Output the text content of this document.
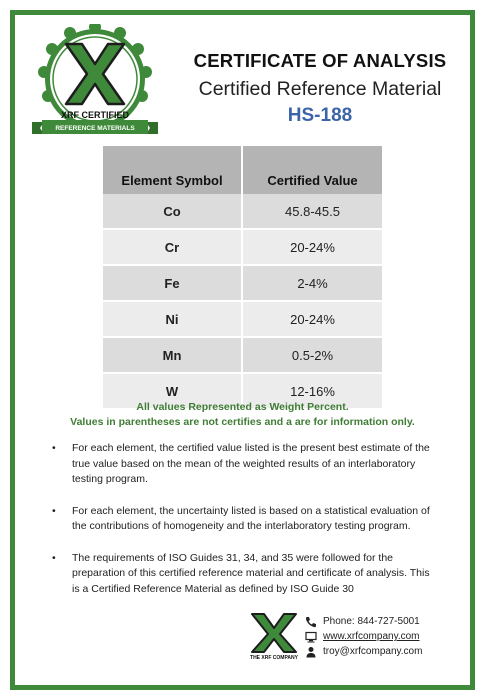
XRF CERTIFIED
REFERENCE MATERIALS
CERTIFICATE OF ANALYSIS
Certified Reference Material
HS-188
Element Symbol	Certified Value
Co	45.8-45.5
Cr	20-24%
Fe	2-4%
Ni	20-24%
Mn	0.5-2%
W	12-16%
All values Represented as Weight Percent.
Values in parentheses are not certifies and a are for information only.
• For each element, the certified value listed is the present best estimate of the true value based on the mean of the weighted results of an interlaboratory testing program.
• For each element, the uncertainty listed is based on a statistical evaluation of the contributions of homogeneity and the interlaboratory testing program.
• The requirements of ISO Guides 31, 34, and 35 were followed for the preparation of this certified reference material and certificate of analysis. This is a Certified Reference Material as defined by ISO Guide 30
THE XRF COMPANY
Phone: 844-727-5001
www.xrfcompany.com
troy@xrfcompany.com
